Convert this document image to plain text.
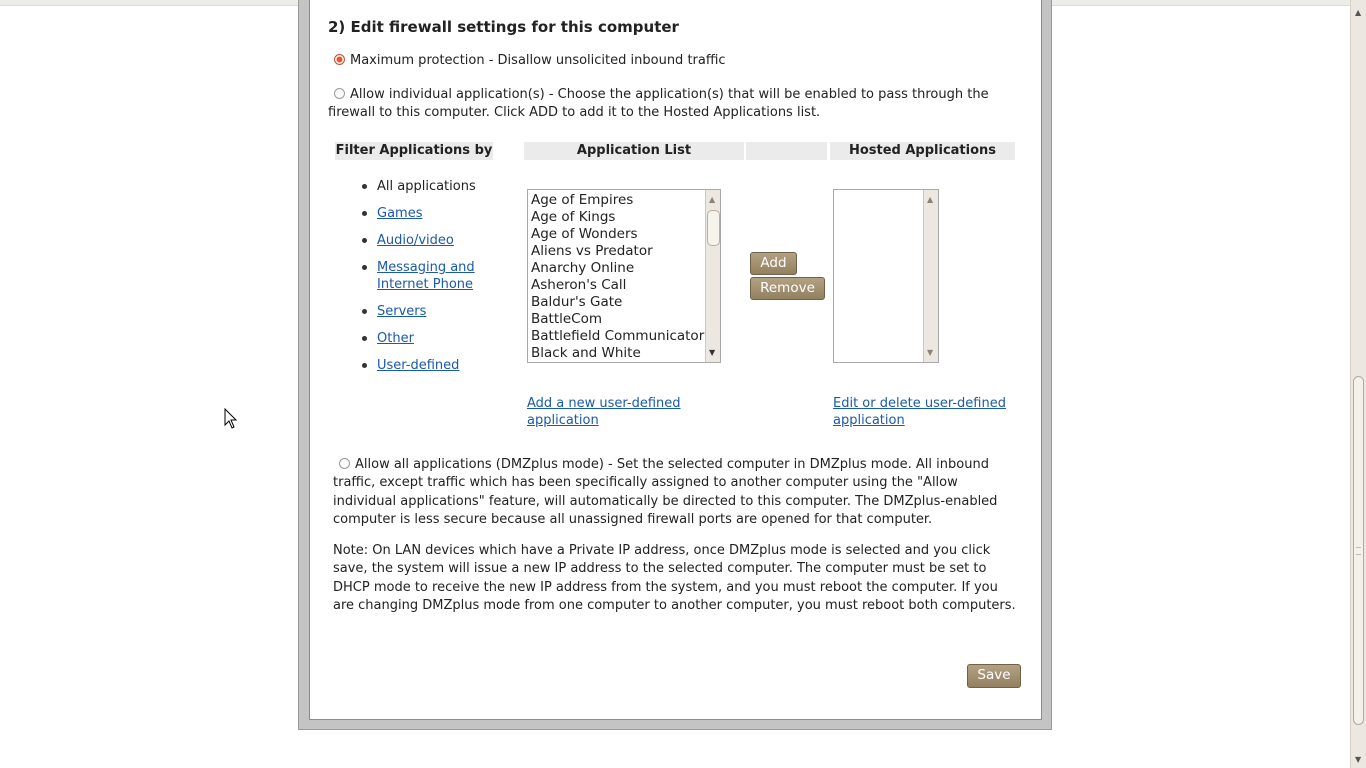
2) Edit firewall settings for this computer
Maximum protection - Disallow unsolicited inbound traffic
Allow individual application(s) - Choose the application(s) that will be enabled to pass through the
firewall to this computer. Click ADD to add it to the Hosted Applications list.
Filter Applications by	Application List	Hosted Applications
All applications
Games
Audio/video
Messaging and Internet Phone
Servers
Other
User-defined
Age of Empires
Age of Kings
Age of Wonders
Aliens vs Predator
Anarchy Online
Asheron's Call
Baldur's Gate
BattleCom
Battlefield Communicator
Black and White
▲
▼
Add
Remove
▲
▼
Add a new user-defined application
Edit or delete user-defined application
Allow all applications (DMZplus mode) - Set the selected computer in DMZplus mode. All inbound traffic, except traffic which has been specifically assigned to another computer using the "Allow individual applications" feature, will automatically be directed to this computer. The DMZplus-enabled computer is less secure because all unassigned firewall ports are opened for that computer.
Note: On LAN devices which have a Private IP address, once DMZplus mode is selected and you click save, the system will issue a new IP address to the selected computer. The computer must be set to DHCP mode to receive the new IP address from the system, and you must reboot the computer. If you are changing DMZplus mode from one computer to another computer, you must reboot both computers.
Save
▲
▼
